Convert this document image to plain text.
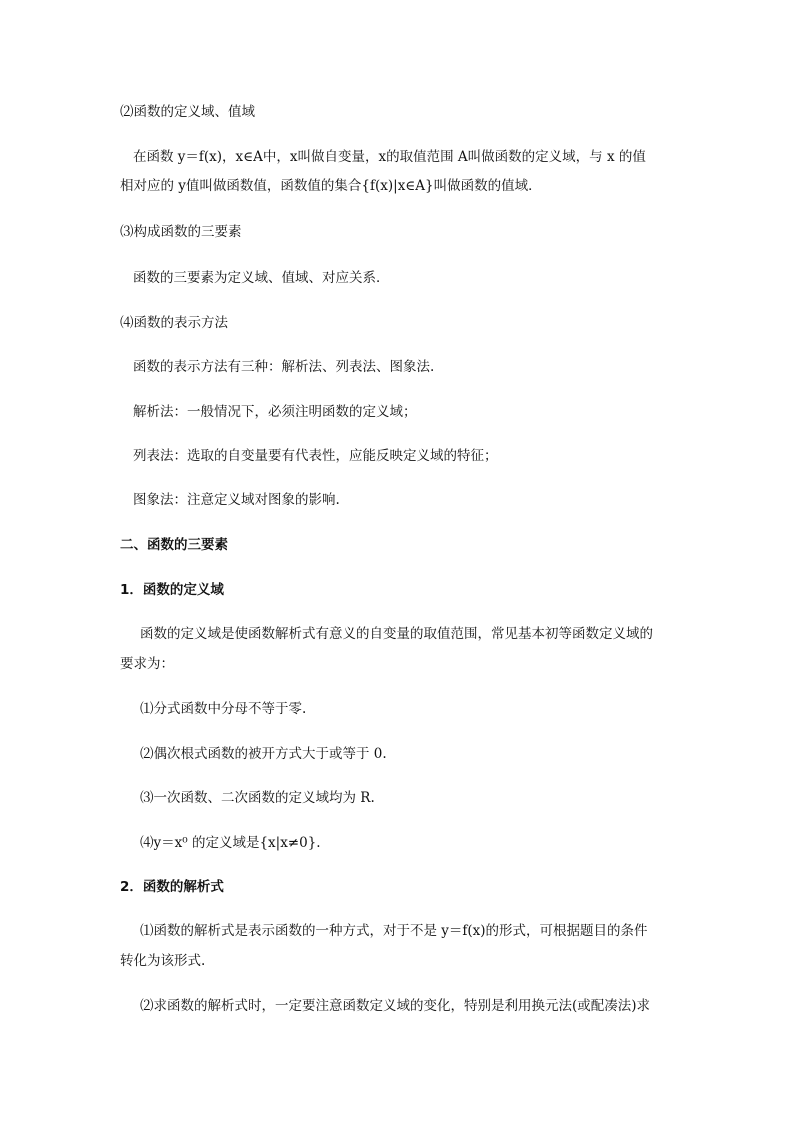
⑵函数的定义域、值域
在函数 y＝f(x)，x∈A中，x叫做自变量，x的取值范围 A叫做函数的定义域，与 x 的值
相对应的 y值叫做函数值，函数值的集合{f(x)|x∈A}叫做函数的值域．
⑶构成函数的三要素
函数的三要素为定义域、值域、对应关系．
⑷函数的表示方法
函数的表示方法有三种：解析法、列表法、图象法.
解析法：一般情况下，必须注明函数的定义域；
列表法：选取的自变量要有代表性，应能反映定义域的特征；
图象法：注意定义域对图象的影响.
二、函数的三要素
1．函数的定义域
函数的定义域是使函数解析式有意义的自变量的取值范围，常见基本初等函数定义域的
要求为：
⑴分式函数中分母不等于零.
⑵偶次根式函数的被开方式大于或等于 0.
⑶一次函数、二次函数的定义域均为 R.
⑷y＝x⁰ 的定义域是{x|x≠0}.
2．函数的解析式
⑴函数的解析式是表示函数的一种方式，对于不是 y＝f(x)的形式，可根据题目的条件
转化为该形式.
⑵求函数的解析式时，一定要注意函数定义域的变化，特别是利用换元法(或配凑法)求
